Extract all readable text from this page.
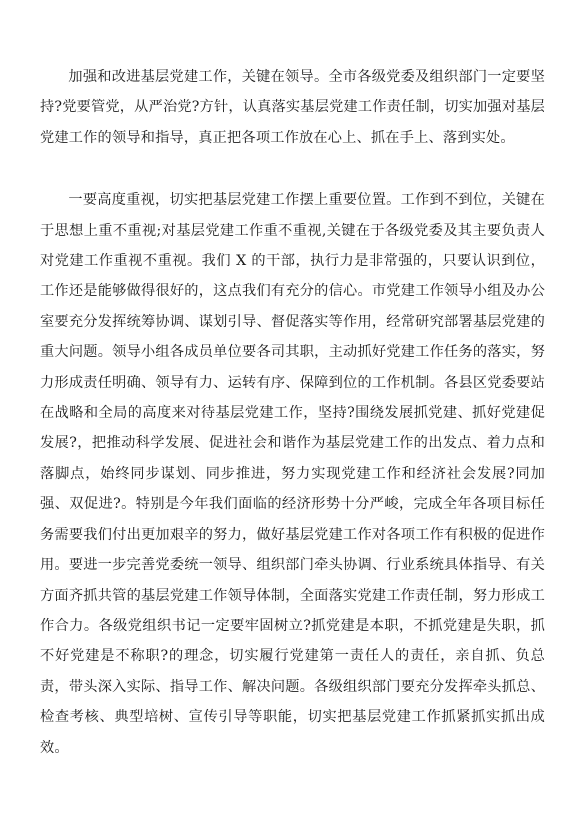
加强和改进基层党建工作，关键在领导。全市各级党委及组织部门一定要坚持?党要管党，从严治党?方针，认真落实基层党建工作责任制，切实加强对基层党建工作的领导和指导，真正把各项工作放在心上、抓在手上、落到实处。

一要高度重视，切实把基层党建工作摆上重要位置。工作到不到位，关键在于思想上重不重视;对基层党建工作重不重视,关键在于各级党委及其主要负责人对党建工作重视不重视。我们 X 的干部，执行力是非常强的，只要认识到位，工作还是能够做得很好的，这点我们有充分的信心。市党建工作领导小组及办公室要充分发挥统筹协调、谋划引导、督促落实等作用，经常研究部署基层党建的重大问题。领导小组各成员单位要各司其职，主动抓好党建工作任务的落实，努力形成责任明确、领导有力、运转有序、保障到位的工作机制。各县区党委要站在战略和全局的高度来对待基层党建工作，坚持?围绕发展抓党建、抓好党建促发展?，把推动科学发展、促进社会和谐作为基层党建工作的出发点、着力点和落脚点，始终同步谋划、同步推进，努力实现党建工作和经济社会发展?同加强、双促进?。特别是今年我们面临的经济形势十分严峻，完成全年各项目标任务需要我们付出更加艰辛的努力，做好基层党建工作对各项工作有积极的促进作用。要进一步完善党委统一领导、组织部门牵头协调、行业系统具体指导、有关方面齐抓共管的基层党建工作领导体制，全面落实党建工作责任制，努力形成工作合力。各级党组织书记一定要牢固树立?抓党建是本职，不抓党建是失职，抓不好党建是不称职?的理念，切实履行党建第一责任人的责任，亲自抓、负总责，带头深入实际、指导工作、解决问题。各级组织部门要充分发挥牵头抓总、检查考核、典型培树、宣传引导等职能，切实把基层党建工作抓紧抓实抓出成效。
